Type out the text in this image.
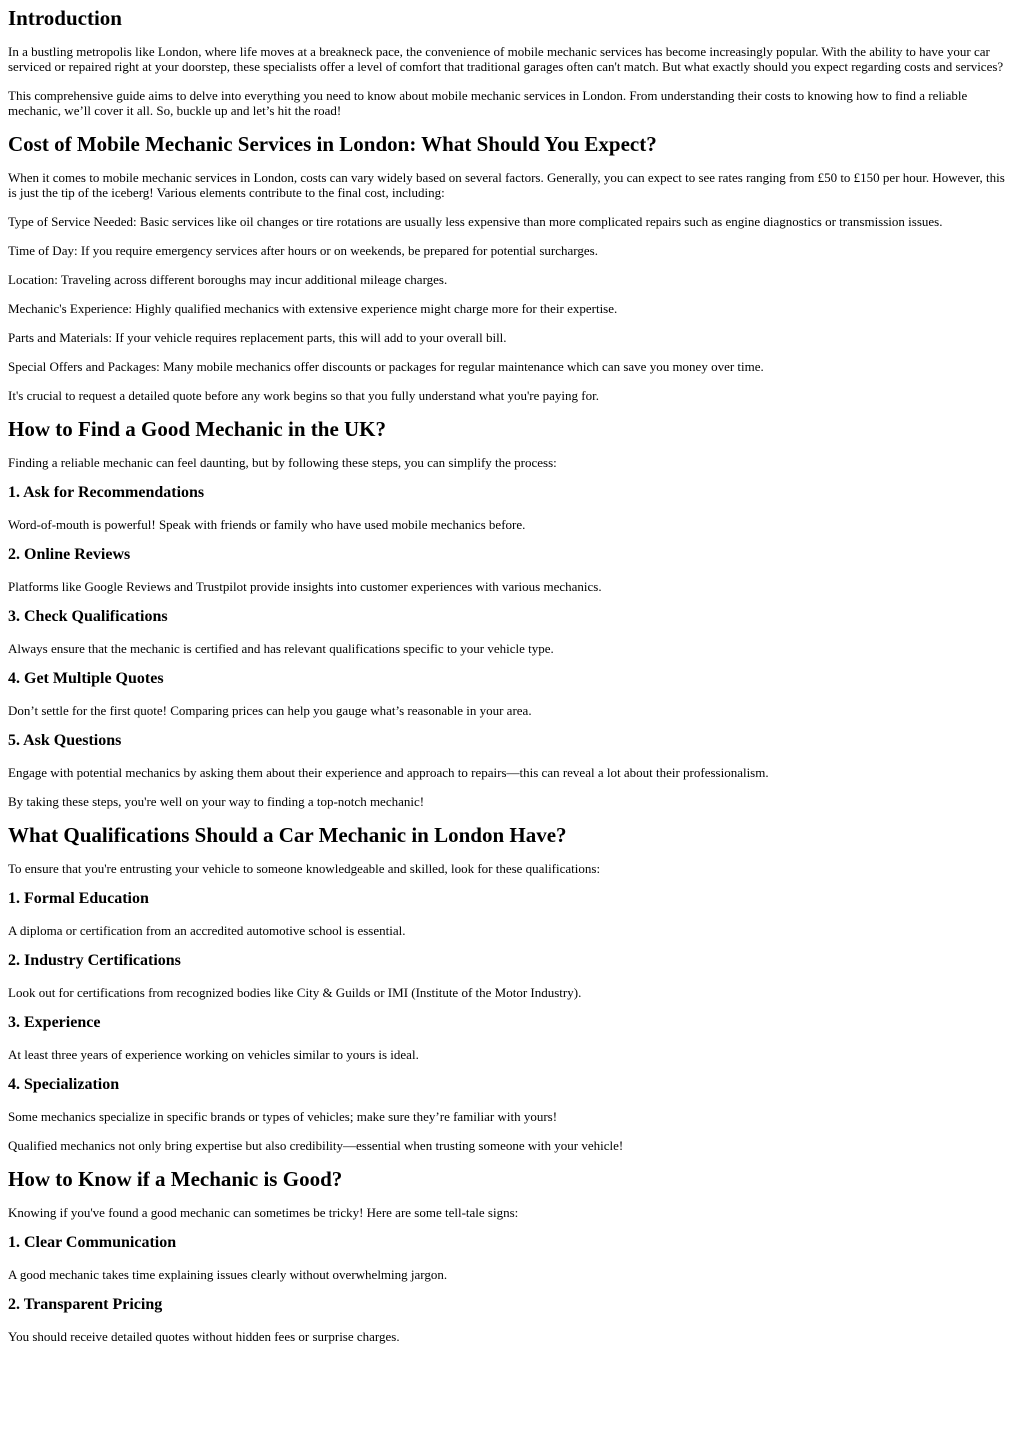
Introduction

In a bustling metropolis like London, where life moves at a breakneck pace, the convenience of mobile mechanic services has become increasingly popular. With the ability to have your car serviced or repaired right at your doorstep, these specialists offer a level of comfort that traditional garages often can't match. But what exactly should you expect regarding costs and services?

This comprehensive guide aims to delve into everything you need to know about mobile mechanic services in London. From understanding their costs to knowing how to find a reliable mechanic, we’ll cover it all. So, buckle up and let’s hit the road!

Cost of Mobile Mechanic Services in London: What Should You Expect?

When it comes to mobile mechanic services in London, costs can vary widely based on several factors. Generally, you can expect to see rates ranging from £50 to £150 per hour. However, this is just the tip of the iceberg! Various elements contribute to the final cost, including:

Type of Service Needed: Basic services like oil changes or tire rotations are usually less expensive than more complicated repairs such as engine diagnostics or transmission issues.

Time of Day: If you require emergency services after hours or on weekends, be prepared for potential surcharges.

Location: Traveling across different boroughs may incur additional mileage charges.

Mechanic's Experience: Highly qualified mechanics with extensive experience might charge more for their expertise.

Parts and Materials: If your vehicle requires replacement parts, this will add to your overall bill.

Special Offers and Packages: Many mobile mechanics offer discounts or packages for regular maintenance which can save you money over time.

It's crucial to request a detailed quote before any work begins so that you fully understand what you're paying for.

How to Find a Good Mechanic in the UK?

Finding a reliable mechanic can feel daunting, but by following these steps, you can simplify the process:

1. Ask for Recommendations

Word-of-mouth is powerful! Speak with friends or family who have used mobile mechanics before.

2. Online Reviews

Platforms like Google Reviews and Trustpilot provide insights into customer experiences with various mechanics.

3. Check Qualifications

Always ensure that the mechanic is certified and has relevant qualifications specific to your vehicle type.

4. Get Multiple Quotes

Don’t settle for the first quote! Comparing prices can help you gauge what’s reasonable in your area.

5. Ask Questions

Engage with potential mechanics by asking them about their experience and approach to repairs—this can reveal a lot about their professionalism.

By taking these steps, you're well on your way to finding a top-notch mechanic!

What Qualifications Should a Car Mechanic in London Have?

To ensure that you're entrusting your vehicle to someone knowledgeable and skilled, look for these qualifications:

1. Formal Education

A diploma or certification from an accredited automotive school is essential.

2. Industry Certifications

Look out for certifications from recognized bodies like City & Guilds or IMI (Institute of the Motor Industry).

3. Experience

At least three years of experience working on vehicles similar to yours is ideal.

4. Specialization

Some mechanics specialize in specific brands or types of vehicles; make sure they’re familiar with yours!

Qualified mechanics not only bring expertise but also credibility—essential when trusting someone with your vehicle!

How to Know if a Mechanic is Good?

Knowing if you've found a good mechanic can sometimes be tricky! Here are some tell-tale signs:

1. Clear Communication

A good mechanic takes time explaining issues clearly without overwhelming jargon.

2. Transparent Pricing

You should receive detailed quotes without hidden fees or surprise charges.
